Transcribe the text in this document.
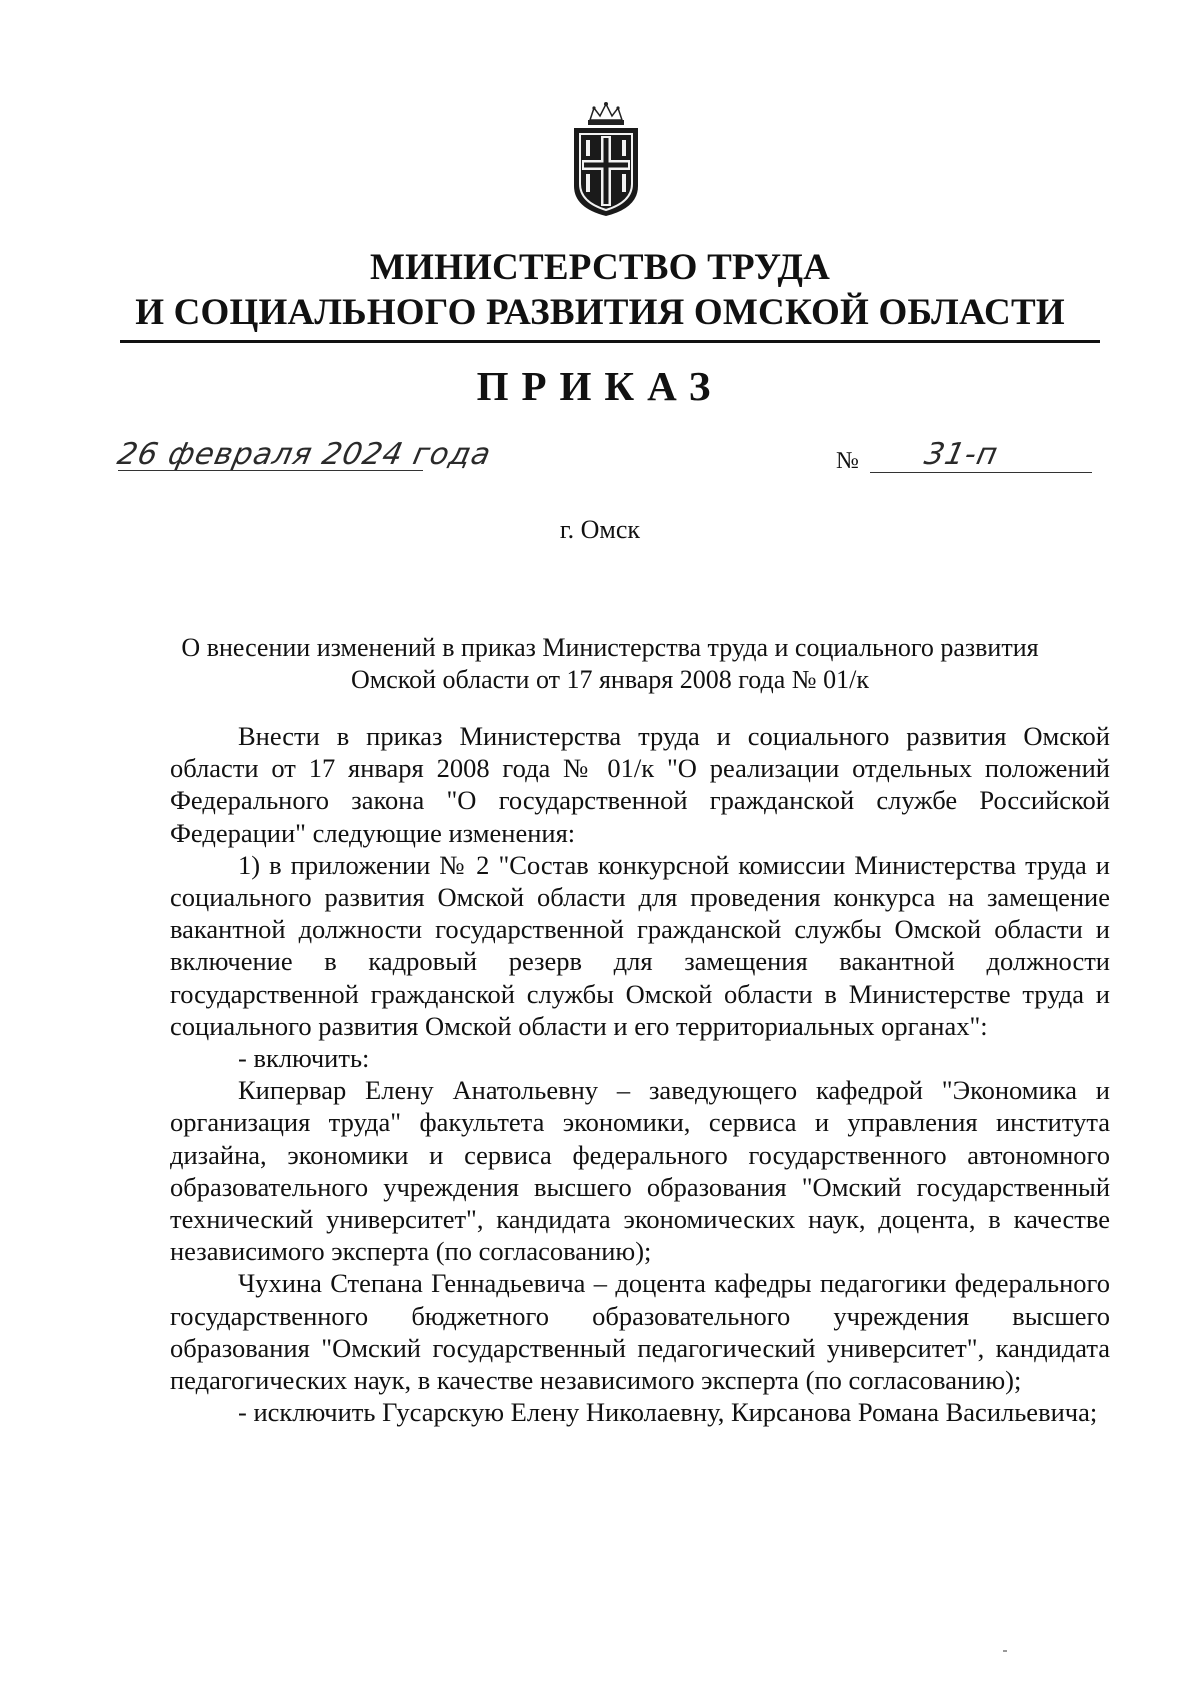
МИНИСТЕРСТВО ТРУДА
И СОЦИАЛЬНОГО РАЗВИТИЯ ОМСКОЙ ОБЛАСТИ
ПРИКАЗ
26 февраля 2024 года	№ 31-п
г. Омск
О внесении изменений в приказ Министерства труда и социального развития
Омской области от 17 января 2008 года № 01/к

Внести в приказ Министерства труда и социального развития Омской области от 17 января 2008 года № 01/к "О реализации отдельных положений Федерального закона "О государственной гражданской службе Российской Федерации" следующие изменения:

1) в приложении № 2 "Состав конкурсной комиссии Министерства труда и социального развития Омской области для проведения конкурса на замещение вакантной должности государственной гражданской службы Омской области и включение в кадровый резерв для замещения вакантной должности государственной гражданской службы Омской области в Министерстве труда и социального развития Омской области и его территориальных органах":

- включить:

Кипервар Елену Анатольевну – заведующего кафедрой "Экономика и организация труда" факультета экономики, сервиса и управления института дизайна, экономики и сервиса федерального государственного автономного образовательного учреждения высшего образования "Омский государственный технический университет", кандидата экономических наук, доцента, в качестве независимого эксперта (по согласованию);

Чухина Степана Геннадьевича – доцента кафедры педагогики федерального государственного бюджетного образовательного учреждения высшего образования "Омский государственный педагогический университет", кандидата педагогических наук, в качестве независимого эксперта (по согласованию);

- исключить Гусарскую Елену Николаевну, Кирсанова Романа Васильевича;
